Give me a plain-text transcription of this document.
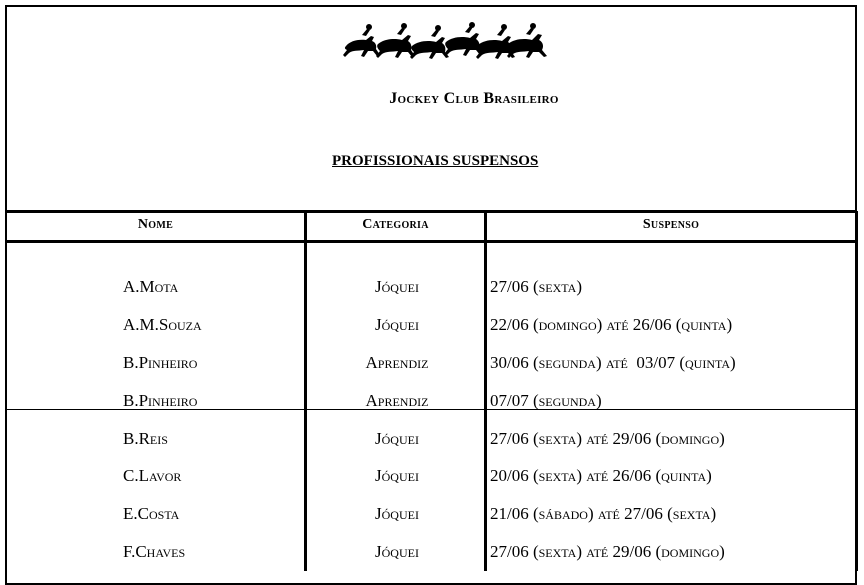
Jockey Club Brasileiro
PROFISSIONAIS SUSPENSOS
Nome	Categoria	Suspenso
A.Mota	Jóquei	27/06 (sexta)
A.M.Souza	Jóquei	22/06 (domingo) até 26/06 (quinta)
B.Pinheiro	Aprendiz	30/06 (segunda) até  03/07 (quinta)
B.Pinheiro	Aprendiz	07/07 (segunda)
B.Reis	Jóquei	27/06 (sexta) até 29/06 (domingo)
C.Lavor	Jóquei	20/06 (sexta) até 26/06 (quinta)
E.Costa	Jóquei	21/06 (sábado) até 27/06 (sexta)
F.Chaves	Jóquei	27/06 (sexta) até 29/06 (domingo)
